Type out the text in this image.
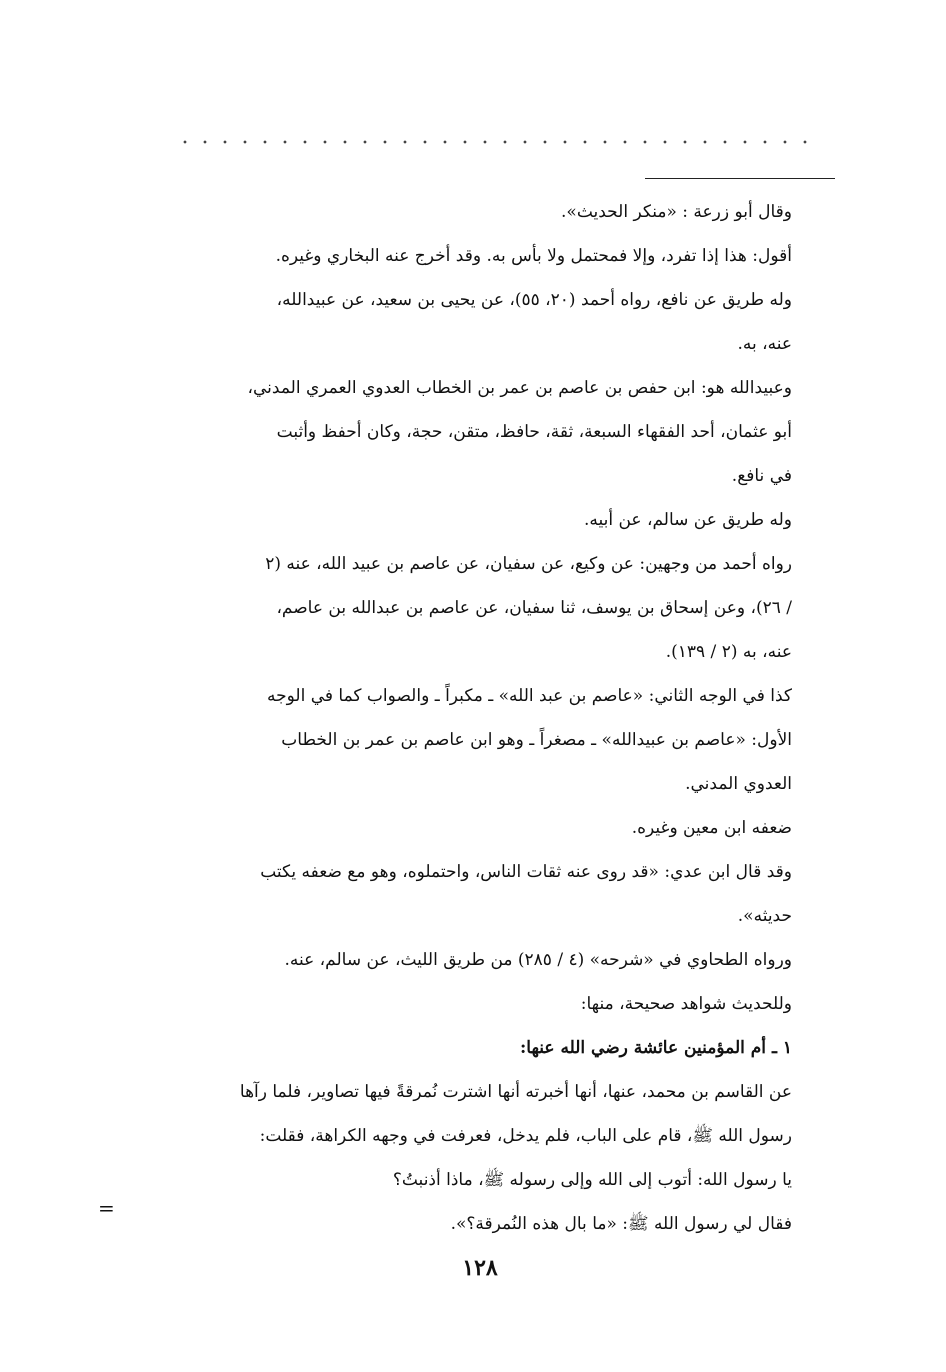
وقال أبو زرعة : «منكر الحديث».
أقول: هذا إذا تفرد، وإلا فمحتمل ولا بأس به. وقد أخرج عنه البخاري وغيره.
وله طريق عن نافع، رواه أحمد (٢٠، ٥٥)، عن يحيى بن سعيد، عن عبيدالله،
عنه، به.
وعبيدالله هو: ابن حفص بن عاصم بن عمر بن الخطاب العدوي العمري المدني،
أبو عثمان، أحد الفقهاء السبعة، ثقة، حافظ، متقن، حجة، وكان أحفظ وأثبت
في نافع.
وله طريق عن سالم، عن أبيه.
رواه أحمد من وجهين: عن وكيع، عن سفيان، عن عاصم بن عبيد الله، عنه (٢
/ ٢٦)، وعن إسحاق بن يوسف، ثنا سفيان، عن عاصم بن عبدالله بن عاصم،
عنه، به (٢ / ١٣٩).
كذا في الوجه الثاني: «عاصم بن عبد الله» ـ مكبراً ـ والصواب كما في الوجه
الأول: «عاصم بن عبيدالله» ـ مصغراً ـ وهو ابن عاصم بن عمر بن الخطاب
العدوي المدني.
ضعفه ابن معين وغيره.
وقد قال ابن عدي: «قد روى عنه ثقات الناس، واحتملوه، وهو مع ضعفه يكتب
حديثه».
ورواه الطحاوي في «شرحه» (٤ / ٢٨٥) من طريق الليث، عن سالم، عنه.
وللحديث شواهد صحيحة، منها:
١ ـ أم المؤمنين عائشة رضي الله عنها:
عن القاسم بن محمد، عنها، أنها أخبرته أنها اشترت نُمرقةً فيها تصاوير، فلما رآها
رسول الله ﷺ، قام على الباب، فلم يدخل، فعرفت في وجهه الكراهة، فقلت:
يا رسول الله: أتوب إلى الله وإلى رسوله ﷺ، ماذا أذنبتُ؟
فقال لي رسول الله ﷺ: «ما بال هذه النُمرقة؟».
=
١٢٨
